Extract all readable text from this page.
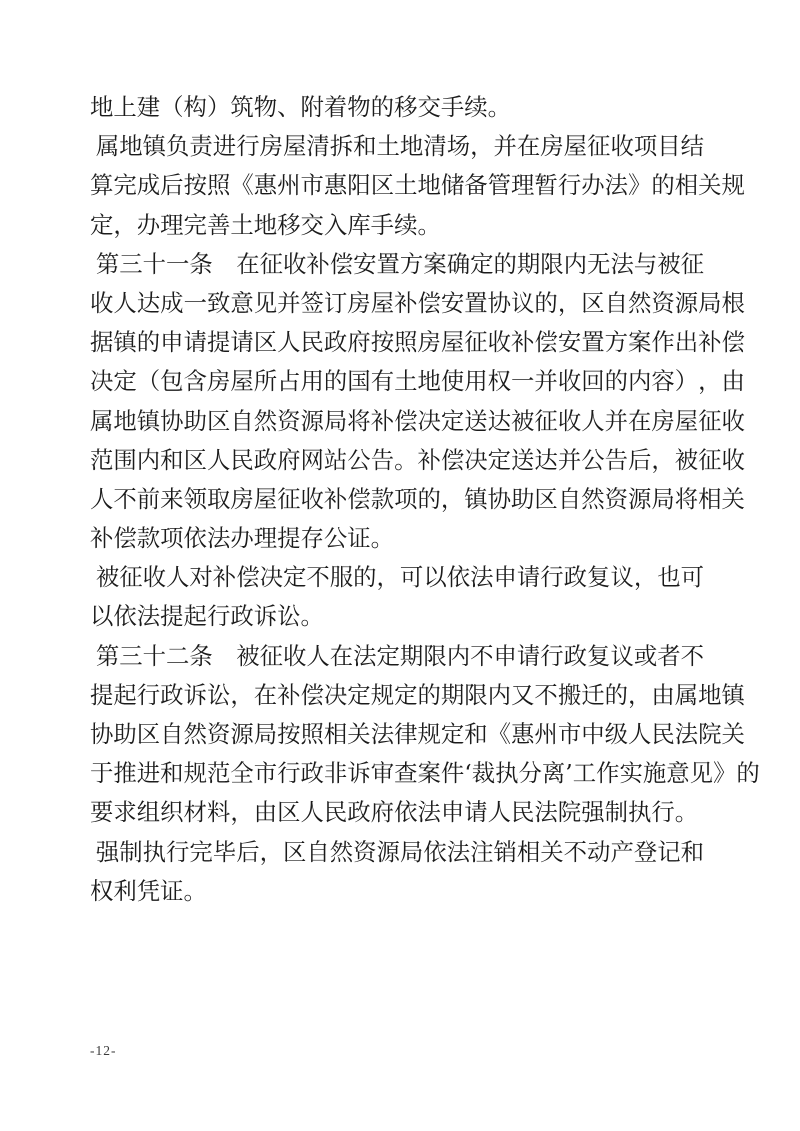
地上建（构）筑物、附着物的移交手续。
属 地 镇 负 责 进 行 房 屋 清 拆 和 土 地 清 场 ， 并 在 房 屋 征 收 项 目 结
算 完 成 后 按 照 《 惠 州 市 惠 阳 区 土 地 储 备 管 理 暂 行 办 法 》 的 相 关 规
定，办理完善土地移交入库手续。
第 三 十 一 条
　 在 征 收 补 偿 安 置 方 案 确 定 的 期 限 内 无 法 与 被 征
收 人 达 成 一 致 意 见 并 签 订 房 屋 补 偿 安 置 协 议 的 ， 区 自 然 资 源 局 根
据 镇 的 申 请 提 请 区 人 民 政 府 按 照 房 屋 征 收 补 偿 安 置 方 案 作 出 补 偿
决 定 （ 包 含 房 屋 所 占 用 的 国 有 土 地 使 用 权 一 并 收 回 的 内 容 ） ， 由
属 地 镇 协 助 区 自 然 资 源 局 将 补 偿 决 定 送 达 被 征 收 人 并 在 房 屋 征 收
范 围 内 和 区 人 民 政 府 网 站 公 告 。 补 偿 决 定 送 达 并 公 告 后 ， 被 征 收
人 不 前 来 领 取 房 屋 征 收 补 偿 款 项 的 ， 镇 协 助 区 自 然 资 源 局 将 相 关
补偿款项依法办理提存公证。
被 征 收 人 对 补 偿 决 定 不 服 的 ， 可 以 依 法 申 请 行 政 复 议 ， 也 可
以依法提起行政诉讼。
第 三 十 二 条
　 被 征 收 人 在 法 定 期 限 内 不 申 请 行 政 复 议 或 者 不
提 起 行 政 诉 讼 ， 在 补 偿 决 定 规 定 的 期 限 内 又 不 搬 迁 的 ， 由 属 地 镇
协 助 区 自 然 资 源 局 按 照 相 关 法 律 规 定 和 《 惠 州 市 中 级 人 民 法 院 关
于 推 进 和 规 范 全 市 行 政 非 诉 审 查 案 件 ‘ 裁 执 分 离 ’ 工 作 实 施 意 见 》 的
要求组织材料，由区人民政府依法申请人民法院强制执行。
强 制 执 行 完 毕 后 ， 区 自 然 资 源 局 依 法 注 销 相 关 不 动 产 登 记 和
权利凭证。
-12-
